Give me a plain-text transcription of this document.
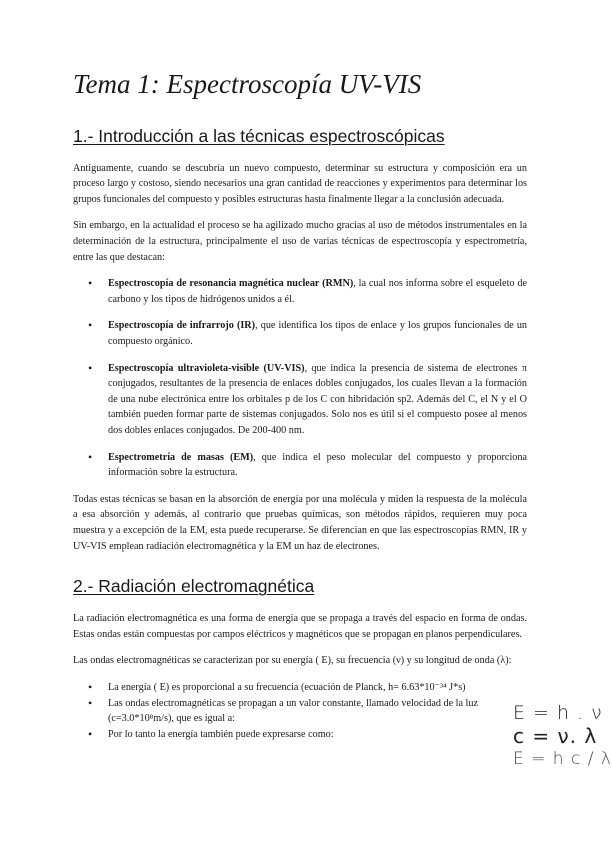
Tema 1: Espectroscopía UV-VIS
1.- Introducción a las técnicas espectroscópicas

Antiguamente, cuando se descubría un nuevo compuesto, determinar su estructura y composición era un proceso largo y costoso, siendo necesarios una gran cantidad de reacciones y experimentos para determinar los grupos funcionales del compuesto y posibles estructuras hasta finalmente llegar a la conclusión adecuada.

Sin embargo, en la actualidad el proceso se ha agilizado mucho gracias al uso de métodos instrumentales en la determinación de la estructura, principalmente el uso de varias técnicas de espectroscopía y espectrometría, entre las que destacan:

• Espectroscopía de resonancia magnética nuclear (RMN), la cual nos informa sobre el esqueleto de carbono y los tipos de hidrógenos unidos a él.
• Espectroscopía de infrarrojo (IR), que identifica los tipos de enlace y los grupos funcionales de un compuesto orgánico.
• Espectroscopía ultravioleta-visible (UV-VIS), que indica la presencia de sistema de electrones π conjugados, resultantes de la presencia de enlaces dobles conjugados, los cuales llevan a la formación de una nube electrónica entre los orbitales p de los C con hibridación sp2. Además del C, el N y el O también pueden formar parte de sistemas conjugados. Solo nos es útil si el compuesto posee al menos dos dobles enlaces conjugados. De 200-400 nm.
• Espectrometría de masas (EM), que indica el peso molecular del compuesto y proporciona información sobre la estructura.

Todas estas técnicas se basan en la absorción de energía por una molécula y miden la respuesta de la molécula a esa absorción y además, al contrario que pruebas químicas, son métodos rápidos, requieren muy poca muestra y a excepción de la EM, esta puede recuperarse. Se diferencian en que las espectroscopías RMN, IR y UV-VIS emplean radiación electromagnética y la EM un haz de electrones.

2.- Radiación electromagnética

La radiación electromagnética es una forma de energía que se propaga a través del espacio en forma de ondas. Estas ondas están compuestas por campos eléctricos y magnéticos que se propagan en planos perpendiculares.

Las ondas electromagnéticas se caracterizan por su energía ( E), su frecuencia (ν) y su longitud de onda (λ):

• La energía ( E) es proporcional a su frecuencia (ecuación de Planck, h= 6.63*10⁻³⁴ J*s)
• Las ondas electromagnéticas se propagan a un valor constante, llamado velocidad de la luz (c=3.0*10⁸m/s), que es igual a:
• Por lo tanto la energía también puede expresarse como:
E = h . ν
c = ν. λ
E = h c / λ
